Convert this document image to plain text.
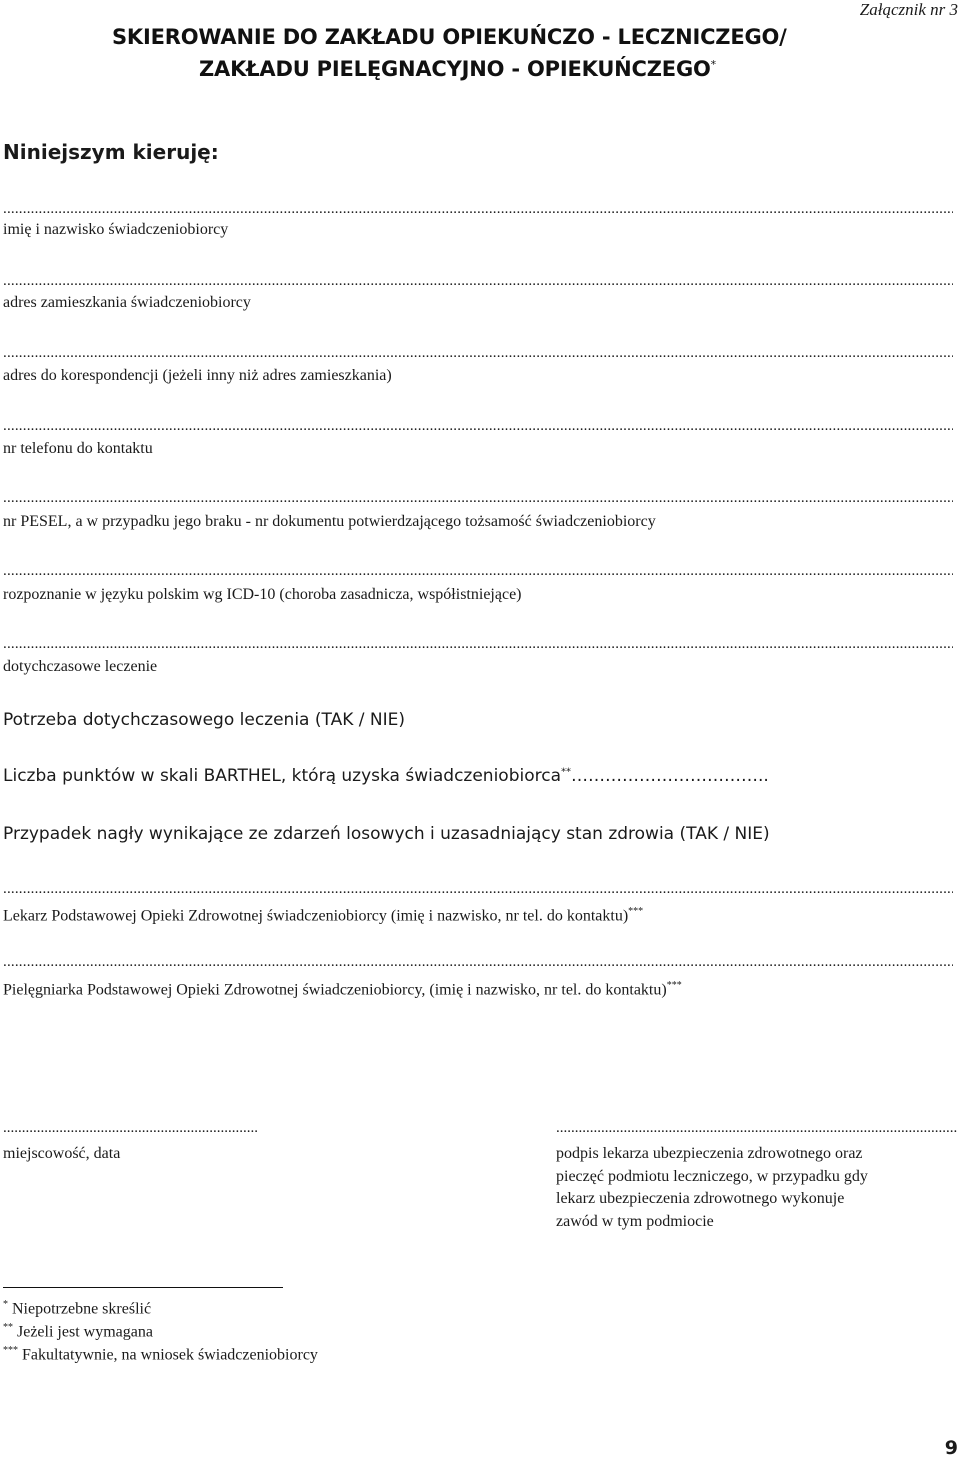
Załącznik nr 3
SKIEROWANIE DO ZAKŁADU OPIEKUŃCZO - LECZNICZEGO/
ZAKŁADU PIELĘGNACYJNO - OPIEKUŃCZEGO*
Niniejszym kieruję:
.....
imię i nazwisko świadczeniobiorcy
.....
adres zamieszkania świadczeniobiorcy
.....
adres do korespondencji (jeżeli inny niż adres zamieszkania)
.....
nr telefonu do kontaktu
.....
nr PESEL, a w przypadku jego braku - nr dokumentu potwierdzającego tożsamość świadczeniobiorcy
.....
rozpoznanie w języku polskim wg ICD-10 (choroba zasadnicza, współistniejące)
.....
dotychczasowe leczenie
Potrzeba dotychczasowego leczenia (TAK / NIE)
Liczba punktów w skali BARTHEL, którą uzyska świadczeniobiorca**……………………………..
Przypadek nagły wynikające ze zdarzeń losowych i uzasadniający stan zdrowia (TAK / NIE)
.....
Lekarz Podstawowej Opieki Zdrowotnej świadczeniobiorcy (imię i nazwisko, nr tel. do kontaktu)***
.....
Pielęgniarka Podstawowej Opieki Zdrowotnej świadczeniobiorcy, (imię i nazwisko, nr tel. do kontaktu)***
.....
miejscowość, data
.....	podpis lekarza ubezpieczenia zdrowotnego oraz
pieczęć podmiotu leczniczego, w przypadku gdy
lekarz ubezpieczenia zdrowotnego wykonuje
zawód w tym podmiocie
* Niepotrzebne skreślić
** Jeżeli jest wymagana
*** Fakultatywnie, na wniosek świadczeniobiorcy
9
